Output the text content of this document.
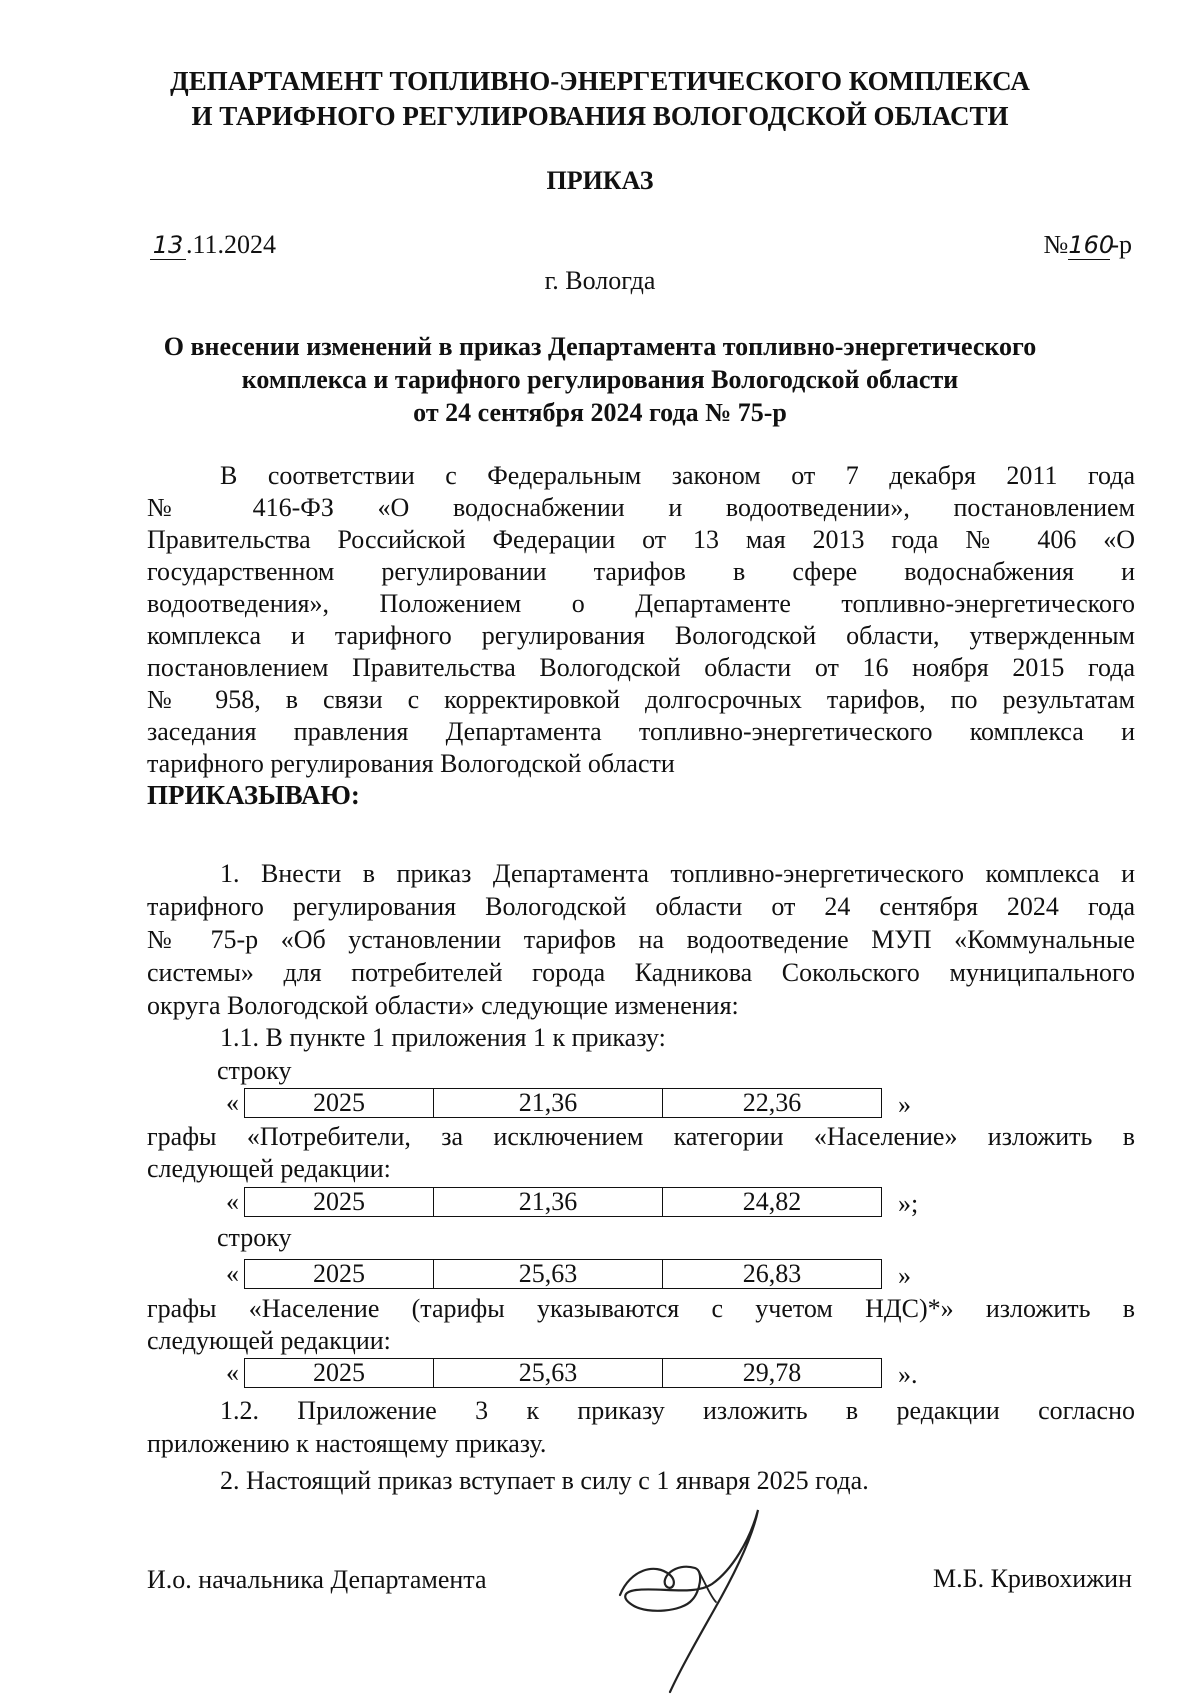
ДЕПАРТАМЕНТ ТОПЛИВНО-ЭНЕРГЕТИЧЕСКОГО КОМПЛЕКСА
И ТАРИФНОГО РЕГУЛИРОВАНИЯ ВОЛОГОДСКОЙ ОБЛАСТИ
ПРИКАЗ
13 .11.2024	№160-р
г. Вологда
О внесении изменений в приказ Департамента топливно-энергетического
комплекса и тарифного регулирования Вологодской области
от 24 сентября 2024 года № 75-р
В соответствии с Федеральным законом от 7 декабря 2011 года
№ 416-ФЗ «О водоснабжении и водоотведении», постановлением
Правительства Российской Федерации от 13 мая 2013 года № 406 «О
государственном регулировании тарифов в сфере водоснабжения и
водоотведения», Положением о Департаменте топливно-энергетического
комплекса и тарифного регулирования Вологодской области, утвержденным
постановлением Правительства Вологодской области от 16 ноября 2015 года
№ 958, в связи с корректировкой долгосрочных тарифов, по результатам
заседания правления Департамента топливно-энергетического комплекса и
тарифного регулирования Вологодской области
ПРИКАЗЫВАЮ:
1. Внести в приказ Департамента топливно-энергетического комплекса и
тарифного регулирования Вологодской области от 24 сентября 2024 года
№ 75-р «Об установлении тарифов на водоотведение МУП «Коммунальные
системы» для потребителей города Кадникова Сокольского муниципального
округа Вологодской области» следующие изменения:
1.1. В пункте 1 приложения 1 к приказу:
строку
«	2025	21,36	22,36	»
графы «Потребители, за исключением категории «Население» изложить в
следующей редакции:
«	2025	21,36	24,82	»;
строку
«	2025	25,63	26,83	»
графы «Население (тарифы указываются с учетом НДС)*» изложить в
следующей редакции:
«	2025	25,63	29,78	».
1.2. Приложение 3 к приказу изложить в редакции согласно
приложению к настоящему приказу.
2. Настоящий приказ вступает в силу с 1 января 2025 года.
И.о. начальника Департамента	М.Б. Кривохижин
